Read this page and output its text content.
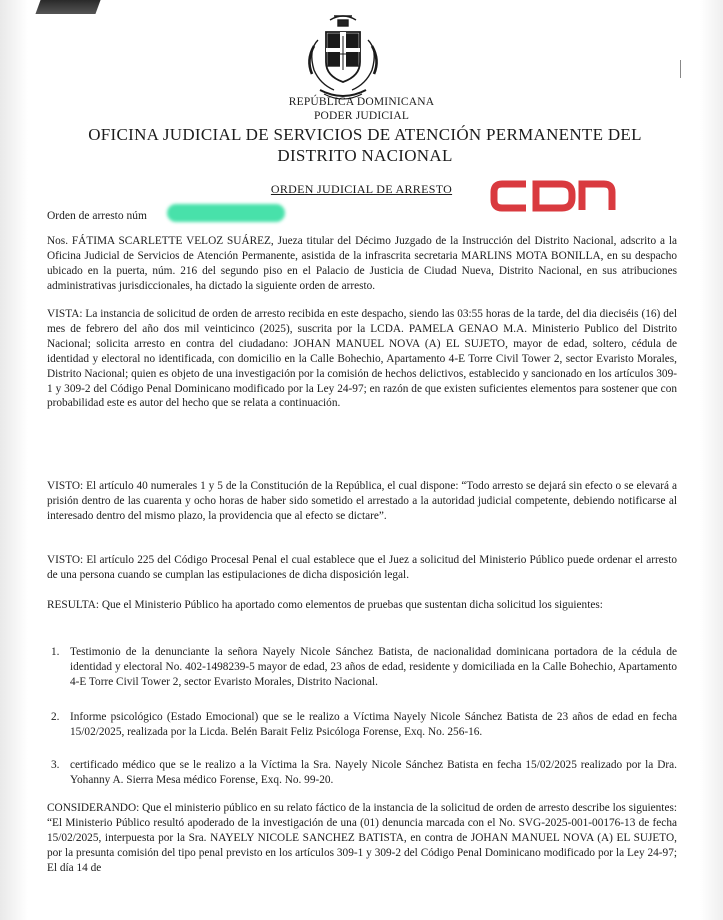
REPÚBLICA DOMINICANA
PODER JUDICIAL
OFICINA JUDICIAL DE SERVICIOS DE ATENCIÓN PERMANENTE DEL
DISTRITO NACIONAL
ORDEN JUDICIAL DE ARRESTO
Orden de arresto núm

Nos. FÁTIMA SCARLETTE VELOZ SUÁREZ, Jueza titular del Décimo Juzgado de la Instrucción del Distrito Nacional, adscrito a la Oficina Judicial de Servicios de Atención Permanente, asistida de la infrascrita secretaria MARLINS MOTA BONILLA, en su despacho ubicado en la puerta, núm. 216 del segundo piso en el Palacio de Justicia de Ciudad Nueva, Distrito Nacional, en sus atribuciones administrativas jurisdiccionales, ha dictado la siguiente orden de arresto.

VISTA: La instancia de solicitud de orden de arresto recibida en este despacho, siendo las 03:55 horas de la tarde, del dia dieciséis (16) del mes de febrero del año dos mil veinticinco (2025), suscrita por la LCDA. PAMELA GENAO M.A. Ministerio Publico del Distrito Nacional; solicita arresto en contra del ciudadano: JOHAN MANUEL NOVA (A) EL SUJETO, mayor de edad, soltero, cédula de identidad y electoral no identificada, con domicilio en la Calle Bohechio, Apartamento 4-E Torre Civil Tower 2, sector Evaristo Morales, Distrito Nacional; quien es objeto de una investigación por la comisión de hechos delictivos, establecido y sancionado en los artículos 309-1 y 309-2 del Código Penal Dominicano modificado por la Ley 24-97; en razón de que existen suficientes elementos para sostener que con probabilidad este es autor del hecho que se relata a continuación.

VISTO: El artículo 40 numerales 1 y 5 de la Constitución de la República, el cual dispone: “Todo arresto se dejará sin efecto o se elevará a prisión dentro de las cuarenta y ocho horas de haber sido sometido el arrestado a la autoridad judicial competente, debiendo notificarse al interesado dentro del mismo plazo, la providencia que al efecto se dictare”.

VISTO: El artículo 225 del Código Procesal Penal el cual establece que el Juez a solicitud del Ministerio Público puede ordenar el arresto de una persona cuando se cumplan las estipulaciones de dicha disposición legal.

RESULTA: Que el Ministerio Público ha aportado como elementos de pruebas que sustentan dicha solicitud los siguientes:

1. Testimonio de la denunciante la señora Nayely Nicole Sánchez Batista, de nacionalidad dominicana portadora de la cédula de identidad y electoral No. 402-1498239-5 mayor de edad, 23 años de edad, residente y domiciliada en la Calle Bohechio, Apartamento 4-E Torre Civil Tower 2, sector Evaristo Morales, Distrito Nacional.
2. Informe psicológico (Estado Emocional) que se le realizo a Víctima Nayely Nicole Sánchez Batista de 23 años de edad en fecha 15/02/2025, realizada por la Licda. Belén Barait Feliz Psicóloga Forense, Exq. No. 256-16.
3. certificado médico que se le realizo a la Víctima la Sra. Nayely Nicole Sánchez Batista en fecha 15/02/2025 realizado por la Dra. Yohanny A. Sierra Mesa médico Forense, Exq. No. 99-20.

CONSIDERANDO: Que el ministerio público en su relato fáctico de la instancia de la solicitud de orden de arresto describe los siguientes: “El Ministerio Público resultó apoderado de la investigación de una (01) denuncia marcada con el No. SVG-2025-001-00176-13 de fecha 15/02/2025, interpuesta por la Sra. NAYELY NICOLE SANCHEZ BATISTA, en contra de JOHAN MANUEL NOVA (A) EL SUJETO, por la presunta comisión del tipo penal previsto en los artículos 309-1 y 309-2 del Código Penal Dominicano modificado por la Ley 24-97; El día 14 de
